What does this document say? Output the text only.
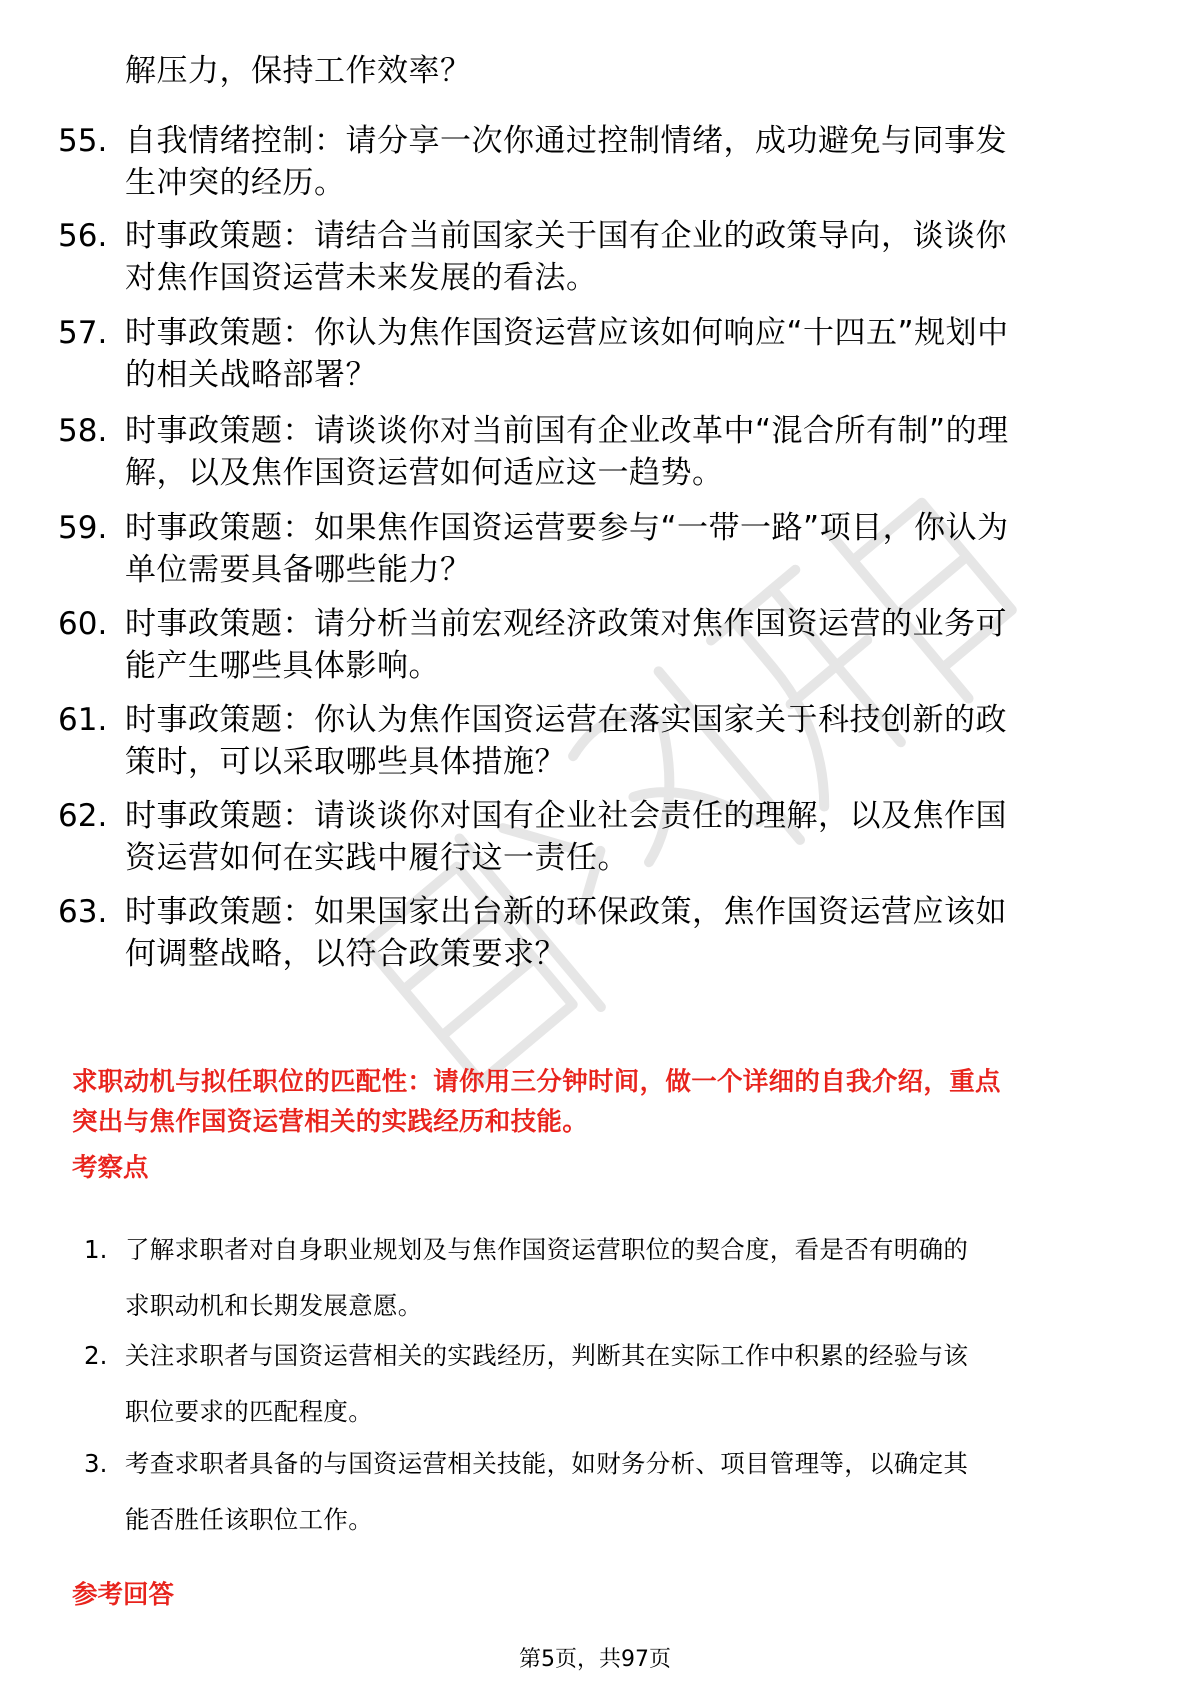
解压力，保持工作效率？
55. 自我情绪控制：请分享一次你通过控制情绪，成功避免与同事发
生冲突的经历。
56. 时事政策题：请结合当前国家关于国有企业的政策导向，谈谈你
对焦作国资运营未来发展的看法。
57. 时事政策题：你认为焦作国资运营应该如何响应“十四五”规划中
的相关战略部署？
58. 时事政策题：请谈谈你对当前国有企业改革中“混合所有制”的理
解，以及焦作国资运营如何适应这一趋势。
59. 时事政策题：如果焦作国资运营要参与“一带一路”项目，你认为
单位需要具备哪些能力？
60. 时事政策题：请分析当前宏观经济政策对焦作国资运营的业务可
能产生哪些具体影响。
61. 时事政策题：你认为焦作国资运营在落实国家关于科技创新的政
策时，可以采取哪些具体措施？
62. 时事政策题：请谈谈你对国有企业社会责任的理解，以及焦作国
资运营如何在实践中履行这一责任。
63. 时事政策题：如果国家出台新的环保政策，焦作国资运营应该如
何调整战略，以符合政策要求？
求职动机与拟任职位的匹配性：请你用三分钟时间，做一个详细的自我介绍，重点
突出与焦作国资运营相关的实践经历和技能。
考察点
1. 了解求职者对自身职业规划及与焦作国资运营职位的契合度，看是否有明确的
求职动机和长期发展意愿。
2. 关注求职者与国资运营相关的实践经历，判断其在实际工作中积累的经验与该
职位要求的匹配程度。
3. 考查求职者具备的与国资运营相关技能，如财务分析、项目管理等，以确定其
能否胜任该职位工作。
参考回答
第5页，共97页
